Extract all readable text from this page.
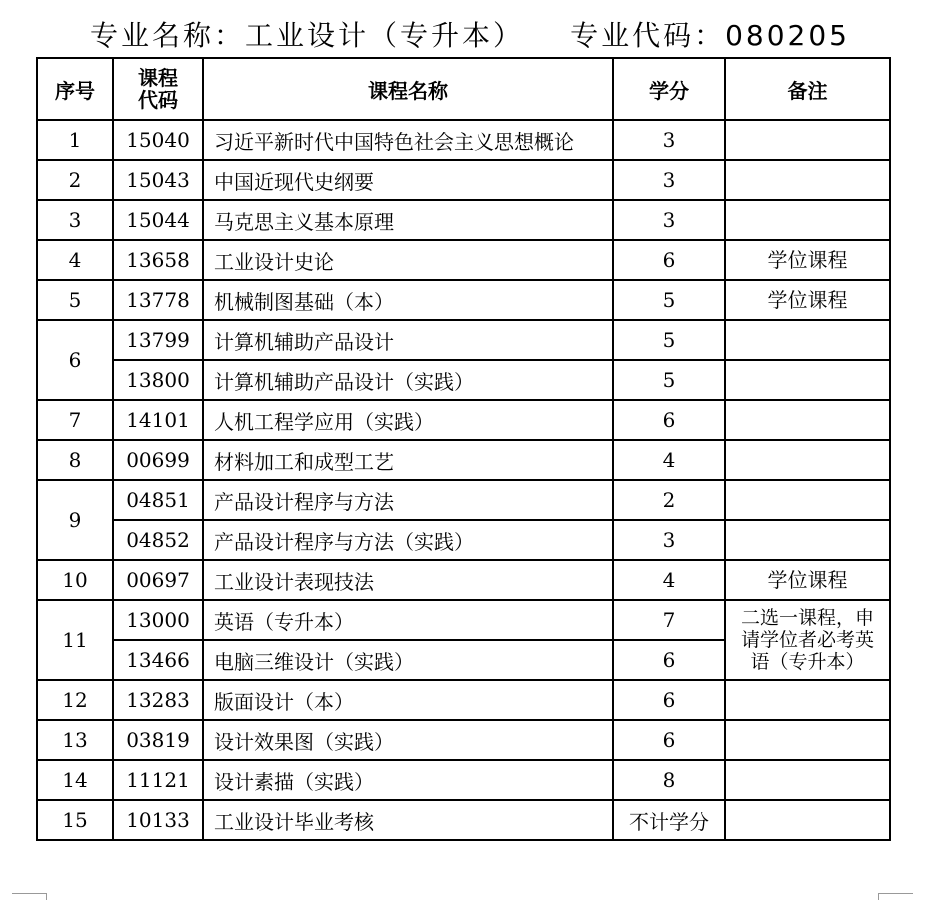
专业名称：工业设计（专升本） 专业代码：080205
序号	课程代码	课程名称	学分	备注
1	15040	习近平新时代中国特色社会主义思想概论	3	
2	15043	中国近现代史纲要	3	
3	15044	马克思主义基本原理	3	
4	13658	工业设计史论	6	学位课程
5	13778	机械制图基础（本）	5	学位课程
6	13799	计算机辅助产品设计	5	
	13800	计算机辅助产品设计（实践）	5	
7	14101	人机工程学应用（实践）	6	
8	00699	材料加工和成型工艺	4	
9	04851	产品设计程序与方法	2	
	04852	产品设计程序与方法（实践）	3	
10	00697	工业设计表现技法	4	学位课程
11	13000	英语（专升本）	7	二选一课程，申请学位者必考英语（专升本）
	13466	电脑三维设计（实践）	6	
12	13283	版面设计（本）	6	
13	03819	设计效果图（实践）	6	
14	11121	设计素描（实践）	8	
15	10133	工业设计毕业考核	不计学分	
